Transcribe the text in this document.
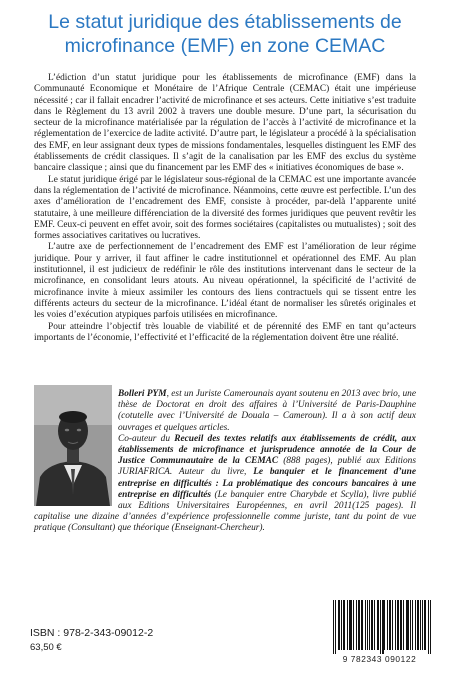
Le statut juridique des établissements de microfinance (EMF) en zone CEMAC

L’édiction d’un statut juridique pour les établissements de microfinance (EMF) dans la Communauté Economique et Monétaire de l’Afrique Centrale (CEMAC) était une impérieuse nécessité ; car il fallait encadrer l’activité de microfinance et ses acteurs. Cette initiative s’est traduite dans le Règlement du 13 avril 2002 à travers une double mesure. D’une part, la sécurisation du secteur de la microfinance matérialisée par la régulation de l’accès à l’activité de microfinance et la réglementation de l’exercice de ladite activité. D’autre part, le législateur a procédé à la spécialisation des EMF, en leur assignant deux types de missions fondamentales, lesquelles distinguent les EMF des établissements de crédit classiques. Il s’agit de la canalisation par les EMF des exclus du système bancaire classique ; ainsi que du financement par les EMF des « initiatives économiques de base ».

Le statut juridique érigé par le législateur sous-régional de la CEMAC est une importante avancée dans la réglementation de l’activité de microfinance. Néanmoins, cette œuvre est perfectible. L’un des axes d’amélioration de l’encadrement des EMF, consiste à procéder, par-delà l’apparente unité statutaire, à une meilleure différenciation de la diversité des formes juridiques que peuvent revêtir les EMF. Ceux-ci peuvent en effet avoir, soit des formes sociétaires (capitalistes ou mutualistes) ; soit des formes associatives caritatives ou lucratives.

L’autre axe de perfectionnement de l’encadrement des EMF est l’amélioration de leur régime juridique. Pour y arriver, il faut affiner le cadre institutionnel et opérationnel des EMF. Au plan institutionnel, il est judicieux de redéfinir le rôle des institutions intervenant dans le secteur de la microfinance, en consolidant leurs atouts. Au niveau opérationnel, la spécificité de l’activité de microfinance invite à mieux assimiler les contours des liens contractuels qui se tissent entre les différents acteurs du secteur de la microfinance. L’idéal étant de normaliser les sûretés originales et les voies d’exécution atypiques parfois utilisées en microfinance.

Pour atteindre l’objectif très louable de viabilité et de pérennité des EMF en tant qu’acteurs importants de l’économie, l’effectivité et l’efficacité de la réglementation doivent être une réalité.

Bolleri PYM, est un Juriste Camerounais ayant soutenu en 2013 avec brio, une thèse de Doctorat en droit des affaires à l’Université de Paris-Dauphine (cotutelle avec l’Université de Douala – Cameroun). Il a à son actif deux ouvrages et quelques articles.

Co-auteur du Recueil des textes relatifs aux établissements de crédit, aux établissements de microfinance et jurisprudence annotée de la Cour de Justice Communautaire de la CEMAC (888 pages), publié aux Editions JURIAFRICA. Auteur du livre, Le banquier et le financement d’une entreprise en difficultés : La problématique des concours bancaires à une entreprise en difficultés (Le banquier entre Charybde et Scylla), livre publié aux Editions Universitaires Européennes, en avril 2011(125 pages). Il capitalise une dizaine d’années d’expérience professionnelle comme juriste, tant du point de vue pratique (Consultant) que théorique (Enseignant-Chercheur).

ISBN : 978-2-343-09012-2
63,50 €
9 782343 090122
